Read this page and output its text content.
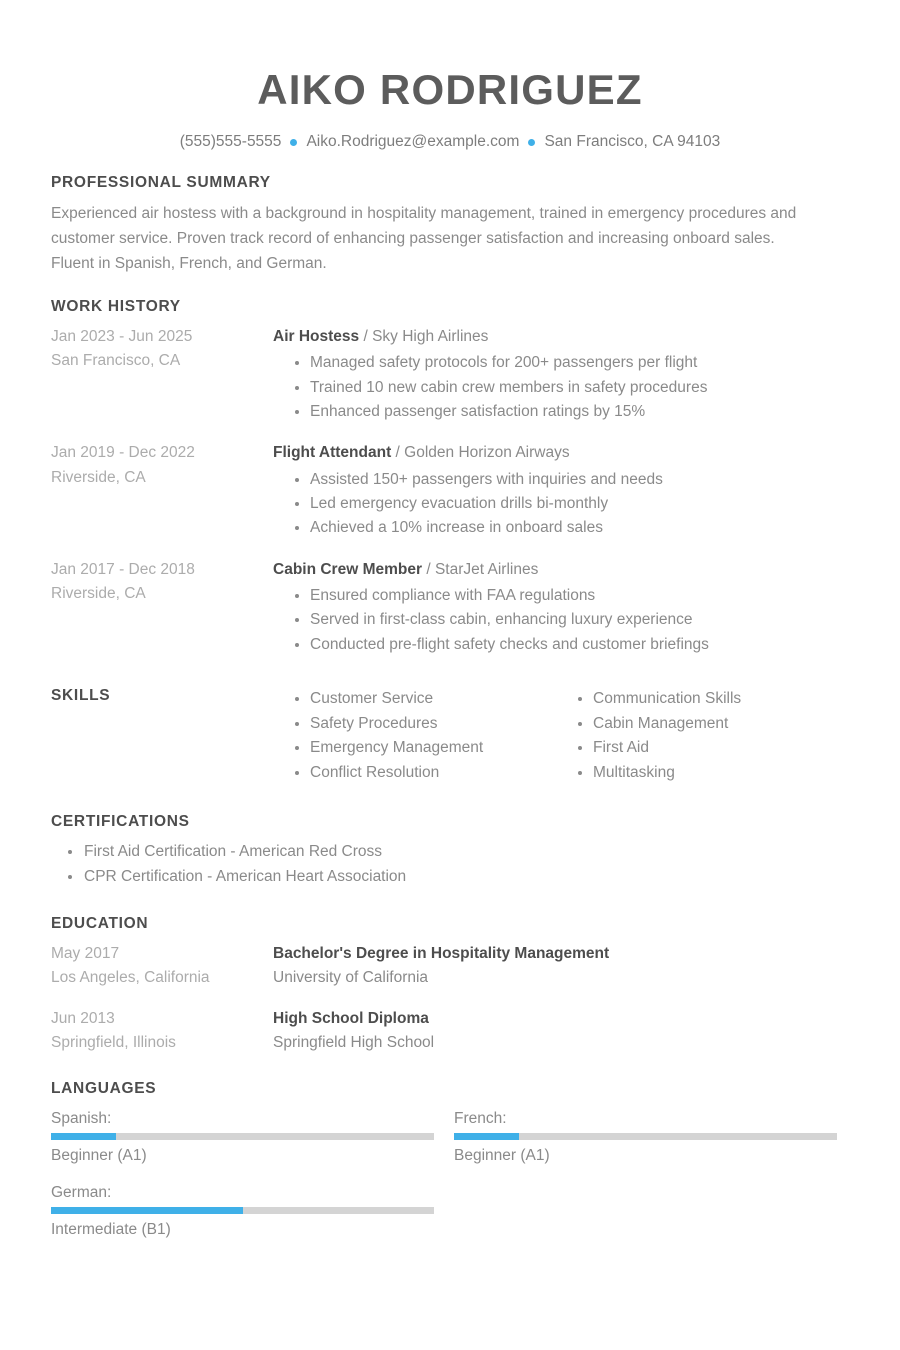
AIKO RODRIGUEZ
(555)555-5555 Aiko.Rodriguez@example.com San Francisco, CA 94103
PROFESSIONAL SUMMARY

Experienced air hostess with a background in hospitality management, trained in emergency procedures and customer service. Proven track record of enhancing passenger satisfaction and increasing onboard sales. Fluent in Spanish, French, and German.

WORK HISTORY
Jan 2023 - Jun 2025
San Francisco, CA
Air Hostess / Sky High Airlines
Managed safety protocols for 200+ passengers per flight
Trained 10 new cabin crew members in safety procedures
Enhanced passenger satisfaction ratings by 15%
Jan 2019 - Dec 2022
Riverside, CA
Flight Attendant / Golden Horizon Airways
Assisted 150+ passengers with inquiries and needs
Led emergency evacuation drills bi-monthly
Achieved a 10% increase in onboard sales
Jan 2017 - Dec 2018
Riverside, CA
Cabin Crew Member / StarJet Airlines
Ensured compliance with FAA regulations
Served in first-class cabin, enhancing luxury experience
Conducted pre-flight safety checks and customer briefings
SKILLS	Customer Service
Safety Procedures
Emergency Management
Conflict Resolution
Communication Skills
Cabin Management
First Aid
Multitasking
CERTIFICATIONS
First Aid Certification - American Red Cross
CPR Certification - American Heart Association
EDUCATION
May 2017
Los Angeles, California
Bachelor's Degree in Hospitality Management
University of California
Jun 2013
Springfield, Illinois
High School Diploma
Springfield High School
LANGUAGES
Spanish:
Beginner (A1)
French:
Beginner (A1)
German:
Intermediate (B1)
